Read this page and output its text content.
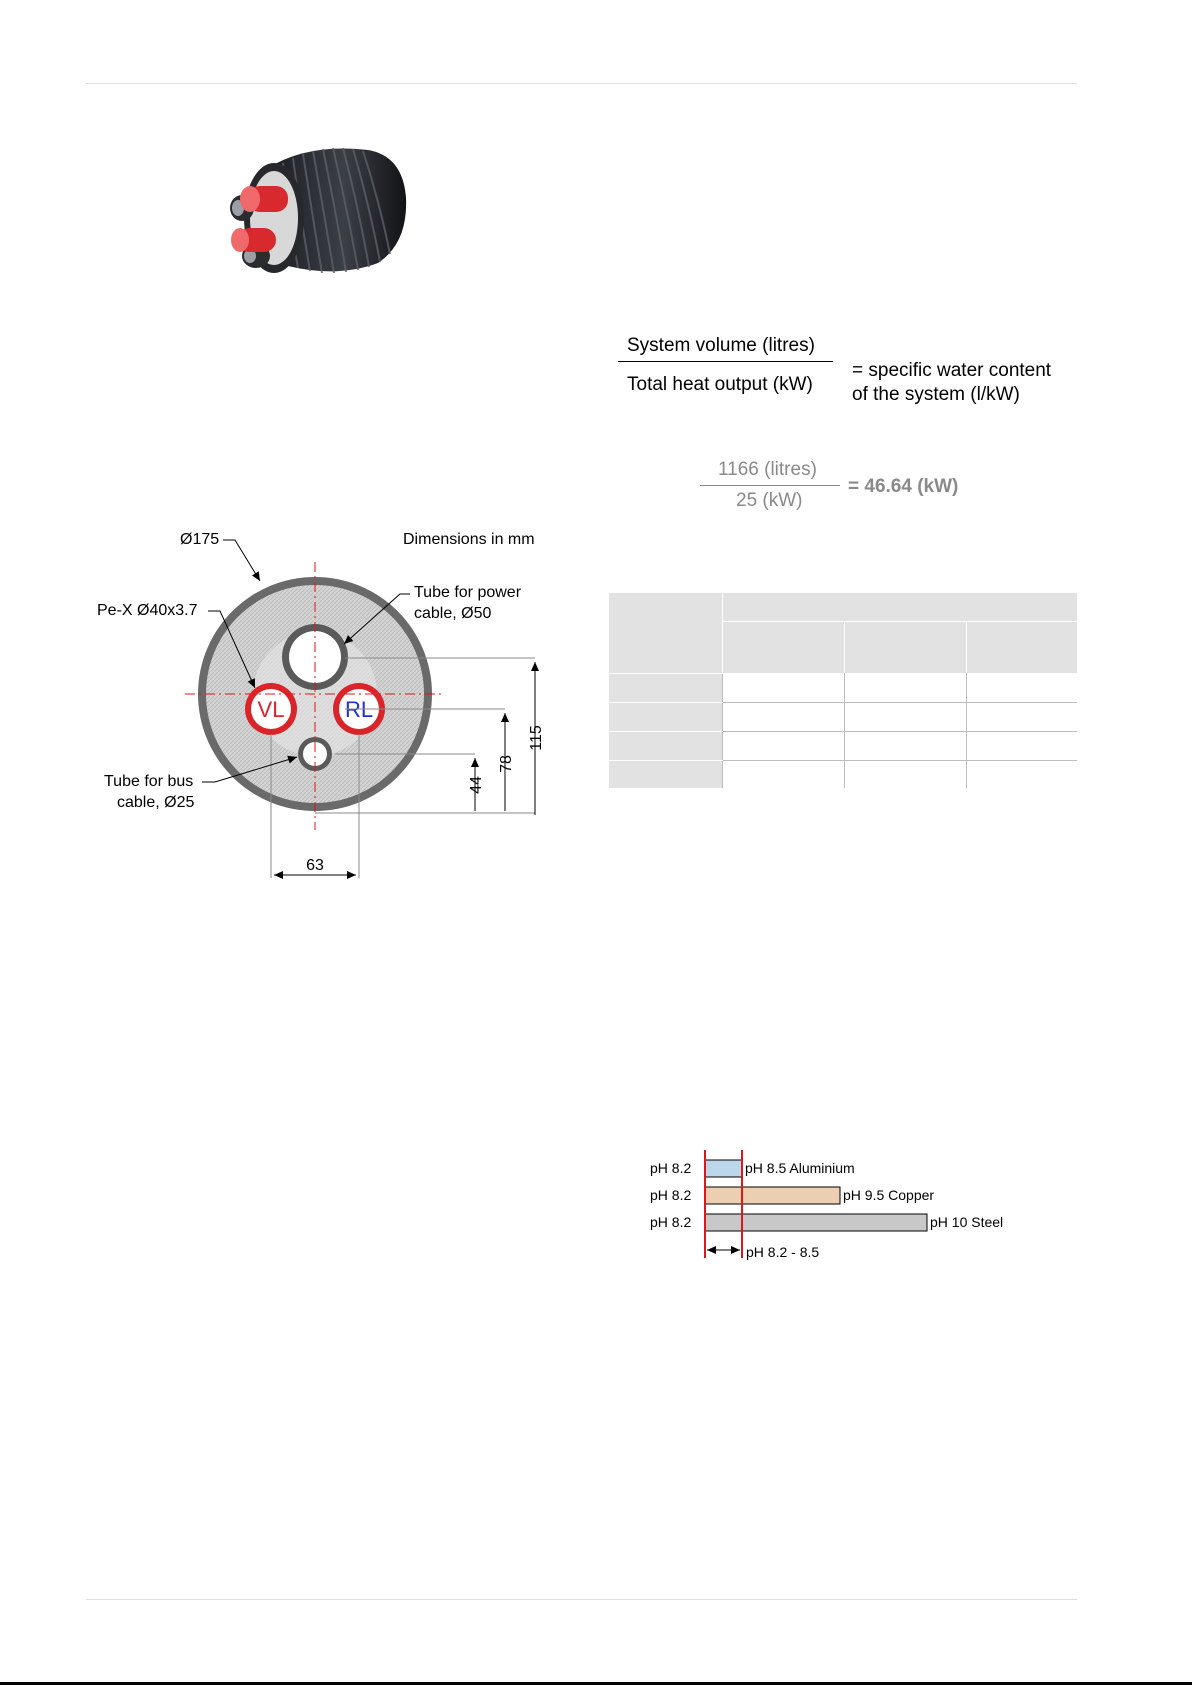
System volume (litres)
Total heat output (kW)
= specific water content
of the system (l/kW)
1166 (litres)
25 (kW)
= 46.64 (kW)

VL	RL
115
78
44
63
Ø175	Dimensions in mm
Tube for power
cable, Ø50
Pe-X Ø40x3.7
Tube for bus
cable, Ø25
pH 8.2	pH 8.5 Aluminium
pH 8.2	pH 9.5 Copper
pH 8.2	pH 10 Steel
pH 8.2 - 8.5
